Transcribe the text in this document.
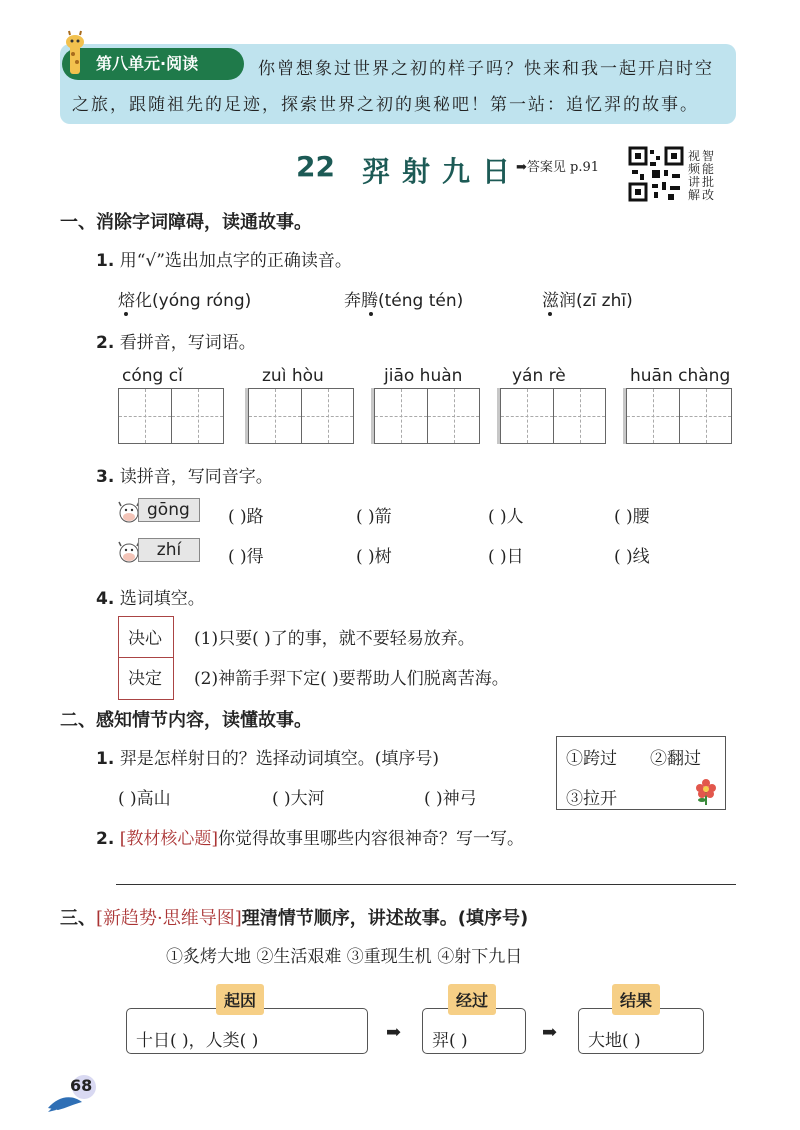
第八单元·阅读	你曾想象过世界之初的样子吗？快来和我一起开启时空
之旅，跟随祖先的足迹，探索世界之初的奥秘吧！第一站：追忆羿的故事。
22 羿射九日
➡答案见 p.91
视
频
讲
解
智
能
批
改
一、消除字词障碍，读通故事。
1. 用“√”选出加点字的正确读音。
熔化(yóng róng)	奔腾(téng tén)	滋润(zī zhī)
2. 看拼音，写词语。
cóng cǐ	zuì hòu	jiāo huàn	yán rè	huān chàng
3. 读拼音，写同音字。
gōng	( )路	( )箭	( )人	( )腰
zhí	( )得	( )树	( )日	( )线
4. 选词填空。
决心
决定
(1)只要( )了的事，就不要轻易放弃。
(2)神箭手羿下定( )要帮助人们脱离苦海。
二、感知情节内容，读懂故事。
1. 羿是怎样射日的？选择动词填空。(填序号)
( )高山	( )大河	( )神弓
①跨过 ②翻过
③拉开
2. [教材核心题]你觉得故事里哪些内容很神奇？写一写。
三、[新趋势·思维导图]理清情节顺序，讲述故事。(填序号)
①炙烤大地 ②生活艰难 ③重现生机 ④射下九日
起因
十日( )，人类( )	➡
经过
羿( )	➡
结果
大地( )
68
